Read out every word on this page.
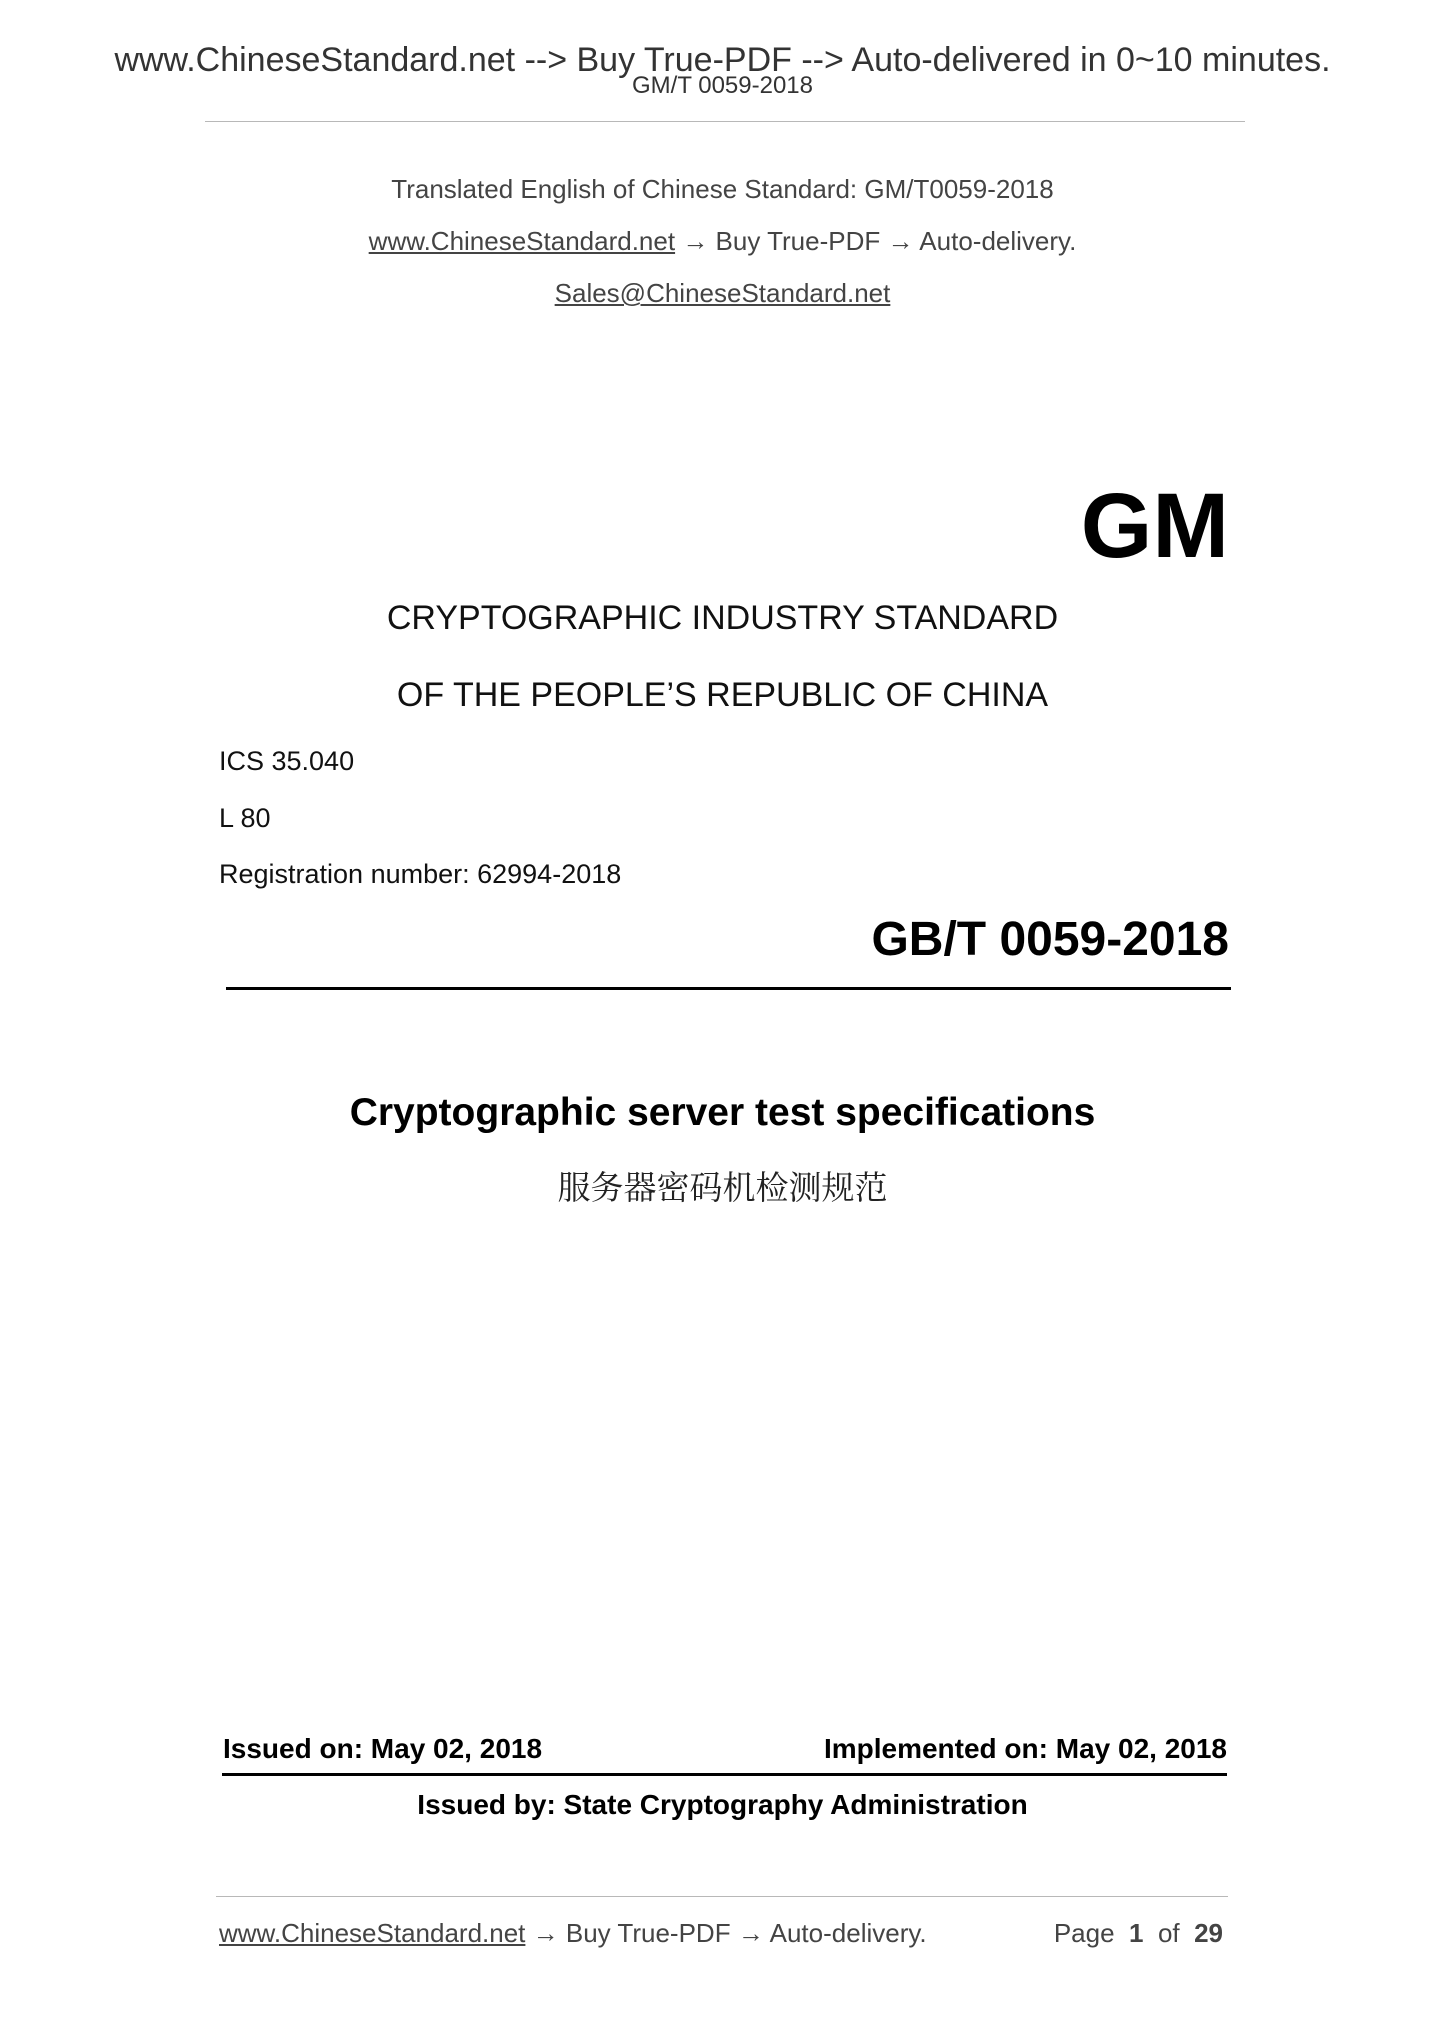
www.ChineseStandard.net --> Buy True-PDF --> Auto-delivered in 0~10 minutes.
GM/T 0059-2018
Translated English of Chinese Standard: GM/T0059-2018
www.ChineseStandard.net → Buy True-PDF → Auto-delivery.
Sales@ChineseStandard.net
GM
CRYPTOGRAPHIC INDUSTRY STANDARD
OF THE PEOPLE’S REPUBLIC OF CHINA
ICS 35.040
L 80
Registration number: 62994-2018
GB/T 0059-2018
Cryptographic server test specifications
服务器密码机检测规范
Issued on: May 02, 2018	Implemented on: May 02, 2018
Issued by: State Cryptography Administration
www.ChineseStandard.net → Buy True-PDF → Auto-delivery.	Page 1 of 29
